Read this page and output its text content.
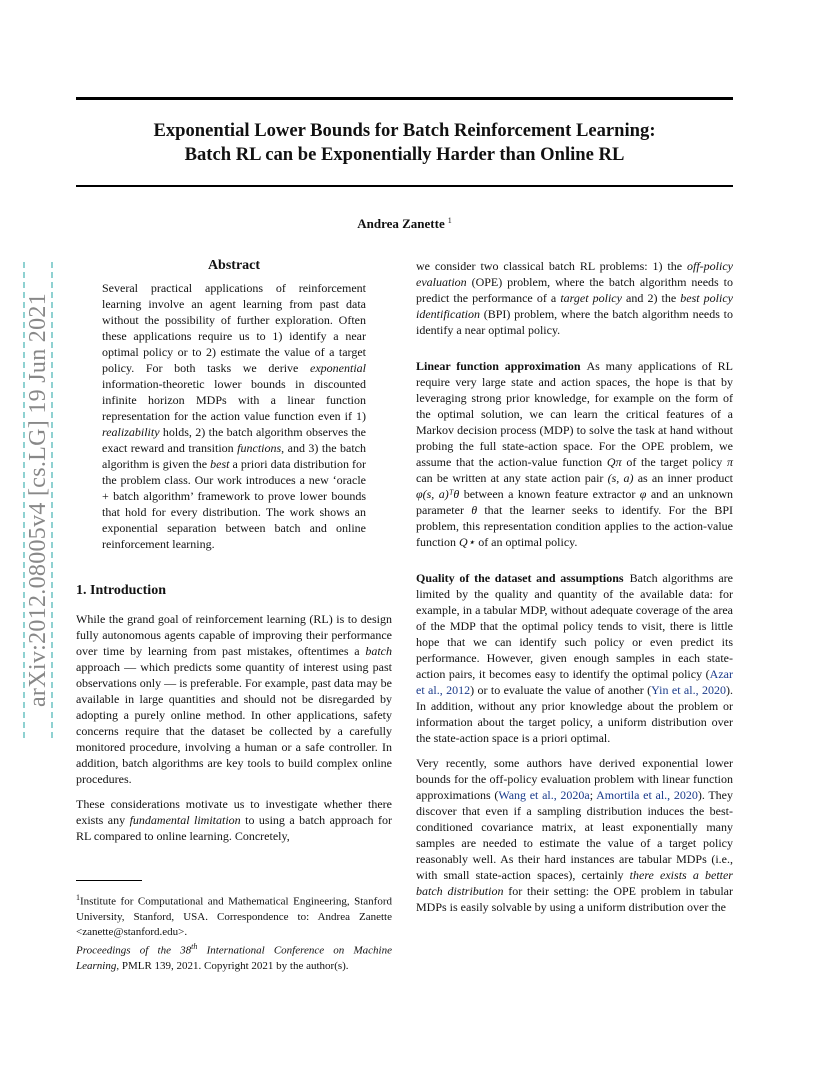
Exponential Lower Bounds for Batch Reinforcement Learning:
Batch RL can be Exponentially Harder than Online RL
Andrea Zanette $^1$
arXiv:2012.08005v4 [cs.LG] 19 Jun 2021
Abstract

Several practical applications of reinforcement learning involve an agent learning from past data without the possibility of further exploration. Often these applications require us to 1) identify a near optimal policy or to 2) estimate the value of a target policy. For both tasks we derive exponential information-theoretic lower bounds in discounted infinite horizon MDPs with a linear function representation for the action value function even if 1) realizability holds, 2) the batch algorithm observes the exact reward and transition functions, and 3) the batch algorithm is given the best a priori data distribution for the problem class. Our work introduces a new ‘oracle + batch algorithm’ framework to prove lower bounds that hold for every distribution. The work shows an exponential separation between batch and online reinforcement learning.

1. Introduction

While the grand goal of reinforcement learning (RL) is to design fully autonomous agents capable of improving their performance over time by learning from past mistakes, oftentimes a batch approach — which predicts some quantity of interest using past observations only — is preferable. For example, past data may be available in large quantities and should not be disregarded by adopting a purely online method. In other applications, safety concerns require that the dataset be collected by a carefully monitored procedure, involving a human or a safe controller. In addition, batch algorithms are key tools to build complex online procedures.

These considerations motivate us to investigate whether there exists any fundamental limitation to using a batch approach for RL compared to online learning. Concretely,

$^1$Institute for Computational and Mathematical Engineering, Stanford University, Stanford, USA. Correspondence to: Andrea Zanette <zanette@stanford.edu>.
Proceedings of the 38th International Conference on Machine Learning, PMLR 139, 2021. Copyright 2021 by the author(s).

we consider two classical batch RL problems: 1) the off-policy evaluation (OPE) problem, where the batch algorithm needs to predict the performance of a target policy and 2) the best policy identification (BPI) problem, where the batch algorithm needs to identify a near optimal policy.

Linear function approximation As many applications of RL require very large state and action spaces, the hope is that by leveraging strong prior knowledge, for example on the form of the optimal solution, we can learn the critical features of a Markov decision process (MDP) to solve the task at hand without probing the full state-action space. For the OPE problem, we assume that the action-value function Qπ of the target policy π can be written at any state action pair (s, a) as an inner product φ(s, a)ᵀθ between a known feature extractor φ and an unknown parameter θ that the learner seeks to identify. For the BPI problem, this representation condition applies to the action-value function Q⋆ of an optimal policy.

Quality of the dataset and assumptions Batch algorithms are limited by the quality and quantity of the available data: for example, in a tabular MDP, without adequate coverage of the area of the MDP that the optimal policy tends to visit, there is little hope that we can identify such policy or even predict its performance. However, given enough samples in each state-action pairs, it becomes easy to identify the optimal policy (Azar et al., 2012) or to evaluate the value of another (Yin et al., 2020). In addition, without any prior knowledge about the problem or information about the target policy, a uniform distribution over the state-action space is a priori optimal.

Very recently, some authors have derived exponential lower bounds for the off-policy evaluation problem with linear function approximations (Wang et al., 2020a; Amortila et al., 2020). They discover that even if a sampling distribution induces the best-conditioned covariance matrix, at least exponentially many samples are needed to estimate the value of a target policy reasonably well. As their hard instances are tabular MDPs (i.e., with small state-action spaces), certainly there exists a better batch distribution for their setting: the OPE problem in tabular MDPs is easily solvable by using a uniform distribution over the
